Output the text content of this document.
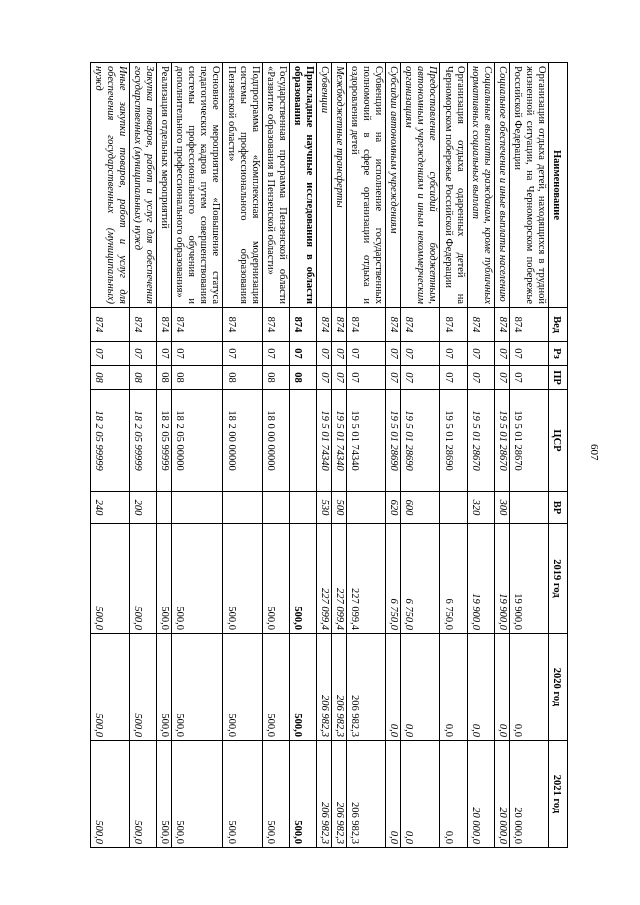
607
Наименование	Вед	Рз	ПР	ЦСР	ВР	2019 год	2020 год	2021 год
Организация отдыха детей, находящихся в трудной жизненной ситуации, на Черноморском побережье Российской Федерации	874	07	07	19 5 01 28670		19 900,0	0,0	20 000,0
Социальное обеспечение и иные выплаты населению	874	07	07	19 5 01 28670	300	19 900,0	0,0	20 000,0
Социальные выплаты гражданам, кроме публичных нормативных социальных выплат	874	07	07	19 5 01 28670	320	19 900,0	0,0	20 000,0
Организация отдыха одаренных детей на Черноморском побережье Российской Федерации	874	07	07	19 5 01 28690		6 750,0	0,0	0,0
Предоставление субсидий бюджетным, автономным учреждениям и иным некоммерческим организациям	874	07	07	19 5 01 28690	600	6 750,0	0,0	0,0
Субсидии автономным учреждениям	874	07	07	19 5 01 28690	620	6 750,0	0,0	0,0
Субвенции на исполнение государственных полномочий в сфере организации отдыха и оздоровления детей	874	07	07	19 5 01 74340		227 099,4	206 982,3	206 982,3
Межбюджетные трансферты	874	07	07	19 5 01 74340	500	227 099,4	206 982,3	206 982,3
Субвенции	874	07	07	19 5 01 74340	530	227 099,4	206 982,3	206 982,3
Прикладные научные исследования в области образования	874	07	08			500,0	500,0	500,0
Государственная программа Пензенской области «Развитие образования в Пензенской области»	874	07	08	18 0 00 00000		500,0	500,0	500,0
Подпрограмма «Комплексная модернизация системы профессионального образования Пензенской области»	874	07	08	18 2 00 00000		500,0	500,0	500,0
Основное мероприятие «Повышение статуса педагогических кадров путем совершенствования системы профессионального обучения и дополнительного профессионального образования»	874	07	08	18 2 05 00000		500,0	500,0	500,0
Реализация отдельных мероприятий	874	07	08	18 2 05 99999		500,0	500,0	500,0
Закупка товаров, работ и услуг для обеспечения государственных (муниципальных) нужд	874	07	08	18 2 05 99999	200	500,0	500,0	500,0
Иные закупки товаров, работ и услуг для обеспечения государственных (муниципальных) нужд	874	07	08	18 2 05 99999	240	500,0	500,0	500,0
